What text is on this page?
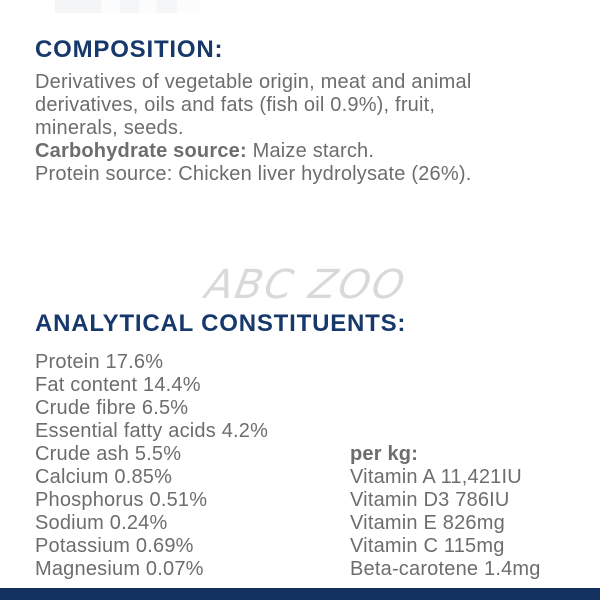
COMPOSITION:
Derivatives of vegetable origin, meat and animal
derivatives, oils and fats (fish oil 0.9%), fruit,
minerals, seeds.
Carbohydrate source: Maize starch.
Protein source: Chicken liver hydrolysate (26%).
ABC ZOO
ANALYTICAL CONSTITUENTS:
Protein 17.6%
Fat content 14.4%
Crude fibre 6.5%
Essential fatty acids 4.2%
Crude ash 5.5%
Calcium 0.85%
Phosphorus 0.51%
Sodium 0.24%
Potassium 0.69%
Magnesium 0.07%
per kg:
Vitamin A 11,421IU
Vitamin D3 786IU
Vitamin E 826mg
Vitamin C 115mg
Beta-carotene 1.4mg
